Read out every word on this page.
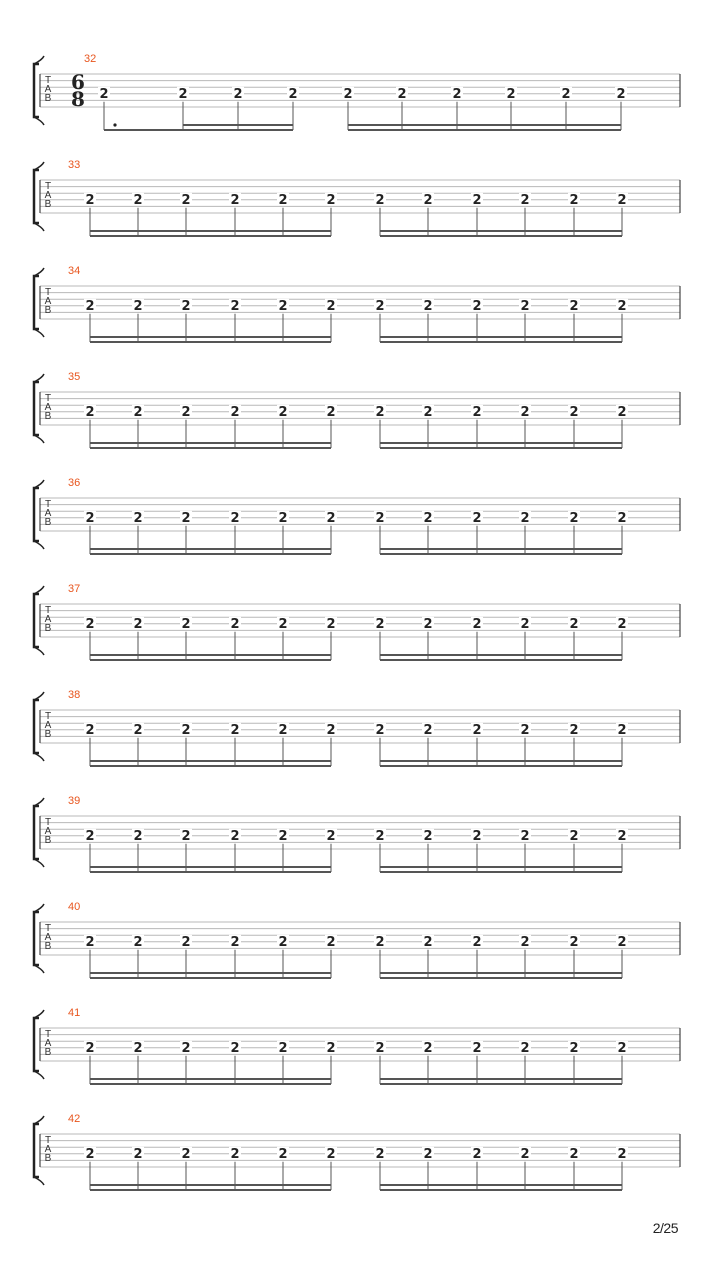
T
A
B
32
6
8 2	2	2	2	2	2	2	2	2	2
T
A
B
33
2	2	2	2	2	2	2	2	2	2	2	2
T
A
B
34
2	2	2	2	2	2	2	2	2	2	2	2
T
A
B
35
2	2	2	2	2	2	2	2	2	2	2	2
T
A
B
36
2	2	2	2	2	2	2	2	2	2	2	2
T
A
B
37
2	2	2	2	2	2	2	2	2	2	2	2
T
A
B
38
2	2	2	2	2	2	2	2	2	2	2	2
T
A
B
39
2	2	2	2	2	2	2	2	2	2	2	2
T
A
B
40
2	2	2	2	2	2	2	2	2	2	2	2
T
A
B
41
2	2	2	2	2	2	2	2	2	2	2	2
T
A
B
42
2	2	2	2	2	2	2	2	2	2	2	2
2/25
